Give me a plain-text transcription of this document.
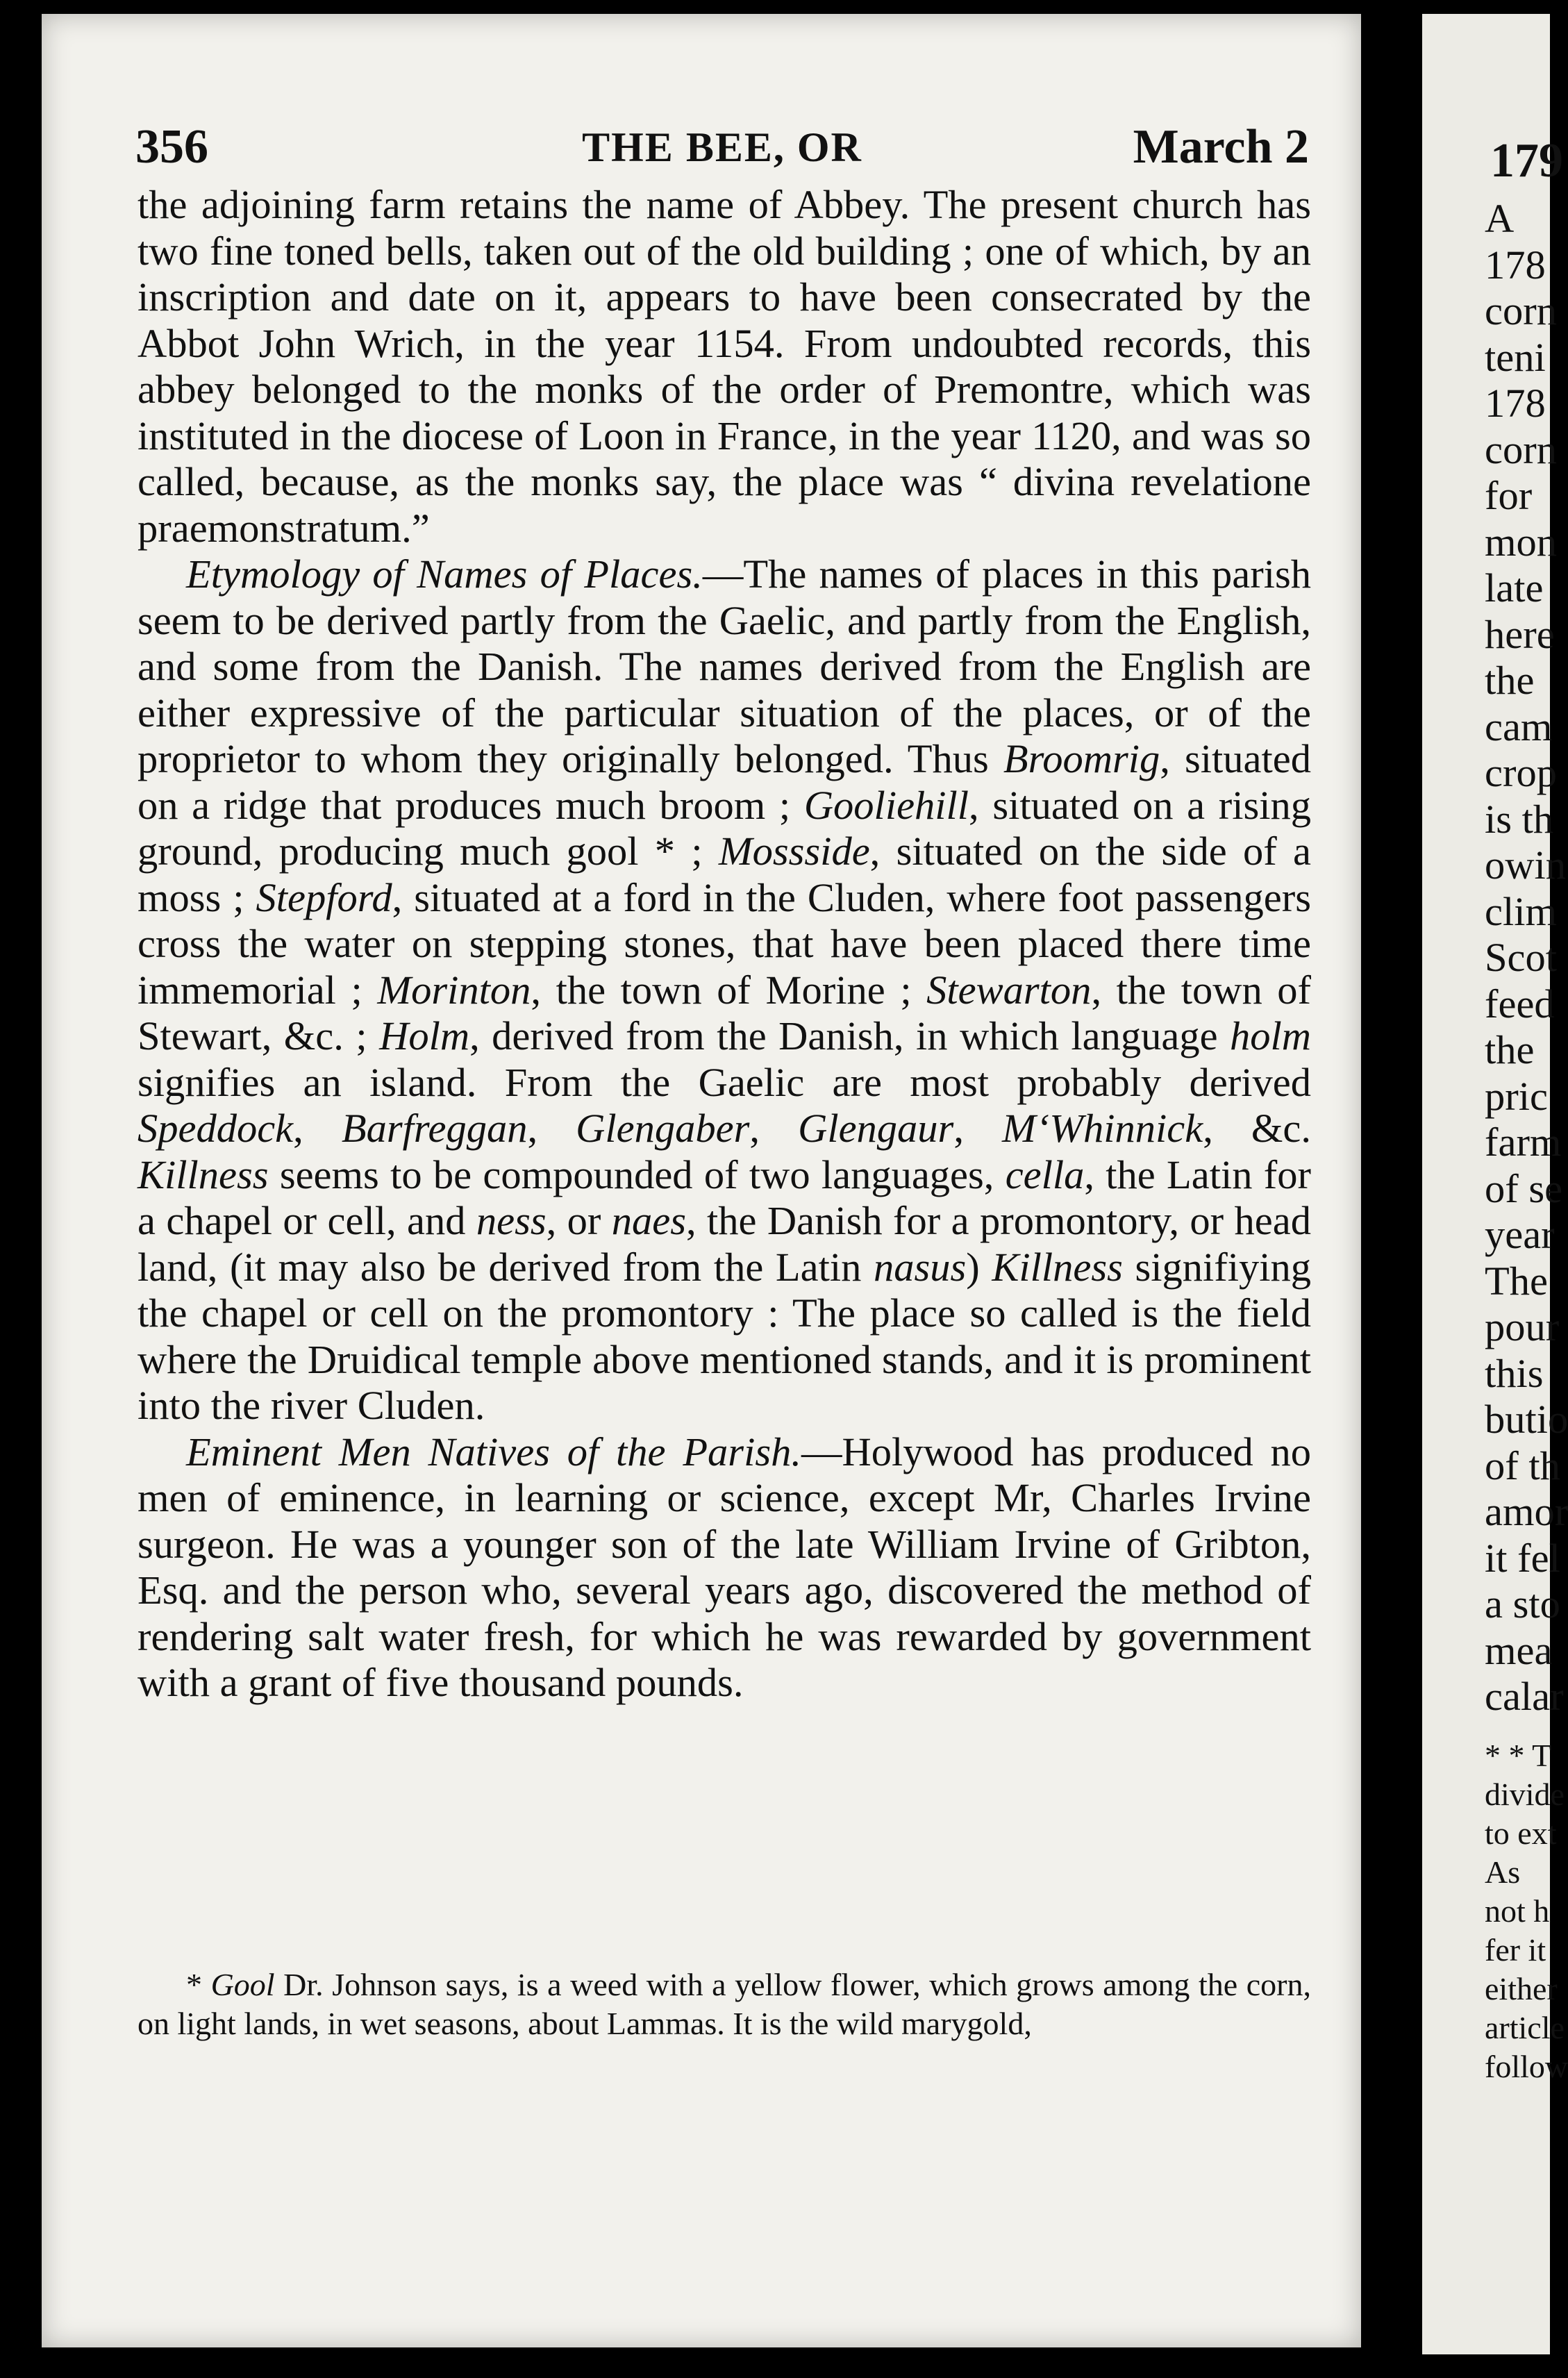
356	THE BEE, OR	March 2

the adjoining farm retains the name of Abbey. The present church has two fine toned bells, taken out of the old building ; one of which, by an inscription and date on it, appears to have been consecrated by the Abbot John Wrich, in the year 1154. From undoubted records, this abbey belonged to the monks of the order of Premontre, which was instituted in the diocese of Loon in France, in the year 1120, and was so called, because, as the monks say, the place was “ divina revelatione praemonstratum.”

Etymology of Names of Places.—The names of places in this parish seem to be derived partly from the Gaelic, and partly from the English, and some from the Danish. The names derived from the English are either expressive of the particular situation of the places, or of the proprietor to whom they originally belonged. Thus Broomrig, situated on a ridge that produces much broom ; Gooliehill, situated on a rising ground, producing much gool * ; Mossside, situated on the side of a moss ; Stepford, situated at a ford in the Cluden, where foot passengers cross the water on stepping stones, that have been placed there time immemorial ; Morinton, the town of Morine ; Stewarton, the town of Stewart, &c. ; Holm, derived from the Danish, in which language holm signifies an island. From the Gaelic are most probably derived Speddock, Barfreggan, Glengaber, Glengaur, M‘Whinnick, &c. Killness seems to be compounded of two languages, cella, the Latin for a chapel or cell, and ness, or naes, the Danish for a promontory, or head land, (it may also be derived from the Latin nasus) Killness signifiying the chapel or cell on the promontory : The place so called is the field where the Druidical temple above mentioned stands, and it is prominent into the river Cluden.

Eminent Men Natives of the Parish.—Holywood has produced no men of eminence, in learning or science, except Mr, Charles Irvine surgeon. He was a younger son of the late William Irvine of Gribton, Esq. and the person who, several years ago, discovered the method of rendering salt water fresh, for which he was rewarded by government with a grant of five thousand pounds.

* Gool Dr. Johnson says, is a weed with a yellow flower, which grows among the corn, on light lands, in wet seasons, about Lammas. It is the wild marygold,

179
A
178
corn
teni
178
corn
for
mon
late
here
the
cam
crop
is th
owin
clim
Scot
feed
the
pric
farm
of se
year
The
pour
this
butio
of th
amor
it fel
a sto
mea
calar
* * T
divide
to ext
As
not h
fer it
either
article
follow
